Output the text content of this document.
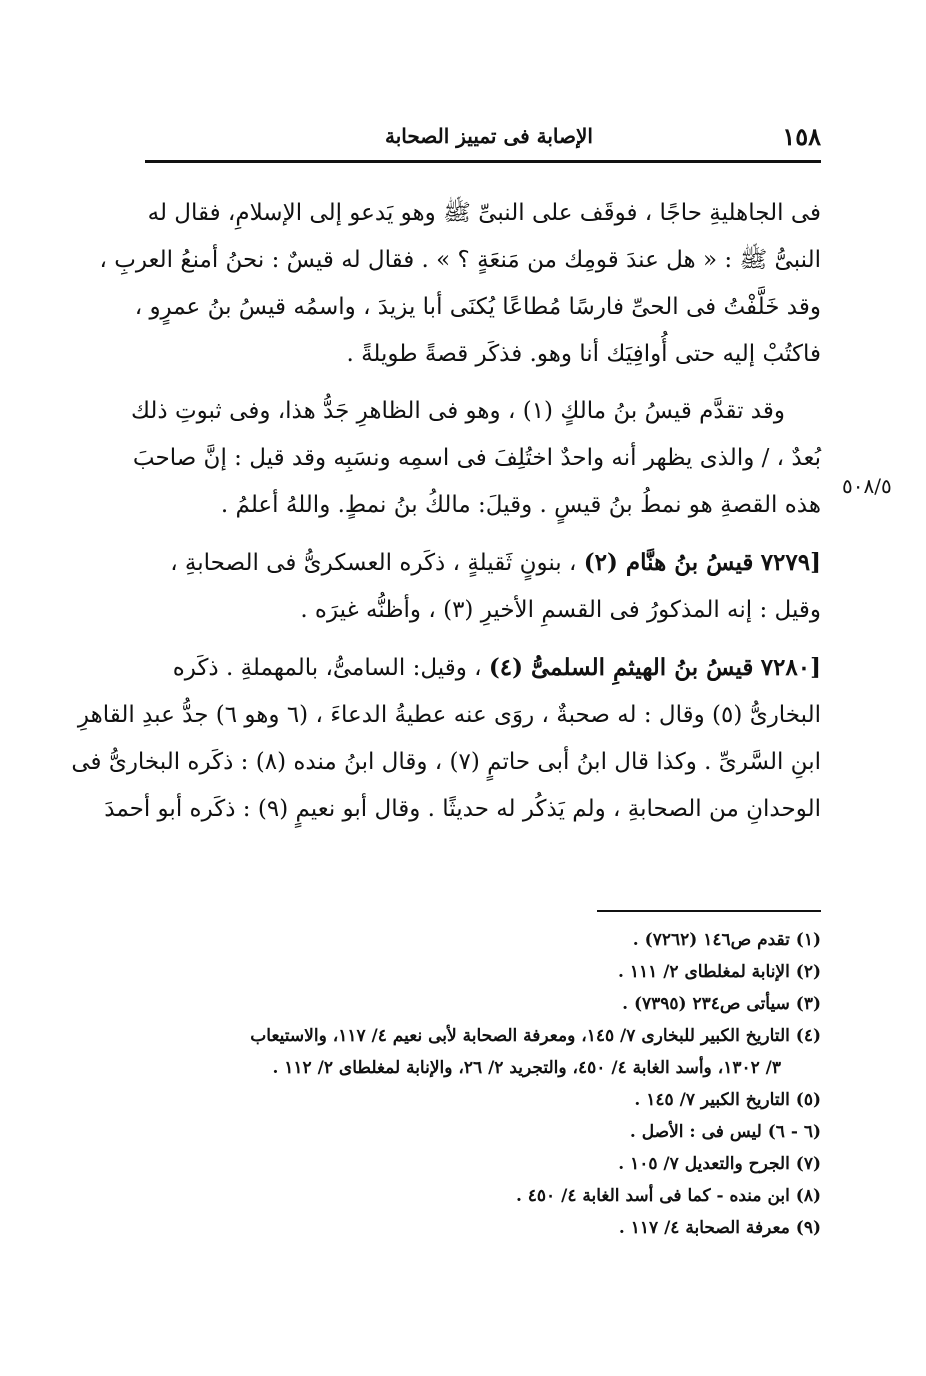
١٥٨
الإصابة فى تمييز الصحابة
٥٠٨/٥
فى الجاهليةِ حاجًا ، فوقَف على النبىِّ ﷺ وهو يَدعو إلى الإسلامِ، فقال له
النبىُّ ﷺ : « هل عندَ قومِك من مَنعَةٍ ؟ » . فقال له قيسٌ : نحنُ أمنعُ العربِ ،
وقد خَلَّفْتُ فى الحىِّ فارسًا مُطاعًا يُكنَى أبا يزيدَ ، واسمُه قيسُ بنُ عمرٍو ،
فاكتُبْ إليه حتى أُوافِيَك أنا وهو. فذكَر قصةً طويلةً .
وقد تقدَّم قيسُ بنُ مالكٍ (١) ، وهو فى الظاهرِ جَدُّ هذا، وفى ثبوتِ ذلك
بُعدٌ ، / والذى يظهر أنه واحدٌ اختُلِفَ فى اسمِه ونسَبِه وقد قيل : إنَّ صاحبَ
هذه القصةِ هو نمطُ بنُ قيسٍ . وقيلَ: مالكُ بنُ نمطٍ. واللهُ أعلمُ .
[٧٢٧٩ قيسُ بنُ هنَّام (٢) ، بنونٍ ثَقيلةٍ ، ذكَره العسكرىُّ فى الصحابةِ ،
وقيل : إنه المذكورُ فى القسمِ الأخيرِ (٣) ، وأظنُّه غيرَه .
[٧٢٨٠ قيسُ بنُ الهيثمِ السلمىُّ (٤) ، وقيل: السامىُّ، بالمهملةِ . ذكَره
البخارىُّ (٥) وقال : له صحبةٌ ، روَى عنه عطيةُ الدعاءَ ، (٦ وهو ٦) جدُّ عبدِ القاهرِ
ابنِ السَّرىِّ . وكذا قال ابنُ أبى حاتمٍ (٧) ، وقال ابنُ منده (٨) : ذكَره البخارىُّ فى
الوحدانِ من الصحابةِ ، ولم يَذكُر له حديثًا . وقال أبو نعيمٍ (٩) : ذكَره أبو أحمدَ
(١) تقدم ص١٤٦ (٧٢٦٢) .
(٢) الإنابة لمغلطاى ٢/ ١١١ .
(٣) سيأتى ص٢٣٤ (٧٣٩٥) .
(٤) التاريخ الكبير للبخارى ٧/ ١٤٥، ومعرفة الصحابة لأبى نعيم ٤/ ١١٧، والاستيعاب
٣/ ١٣٠٢، وأسد الغابة ٤/ ٤٥٠، والتجريد ٢/ ٢٦، والإنابة لمغلطاى ٢/ ١١٢ .
(٥) التاريخ الكبير ٧/ ١٤٥ .
(٦ - ٦) ليس فى : الأصل .
(٧) الجرح والتعديل ٧/ ١٠٥ .
(٨) ابن منده - كما فى أسد الغابة ٤/ ٤٥٠ .
(٩) معرفة الصحابة ٤/ ١١٧ .
